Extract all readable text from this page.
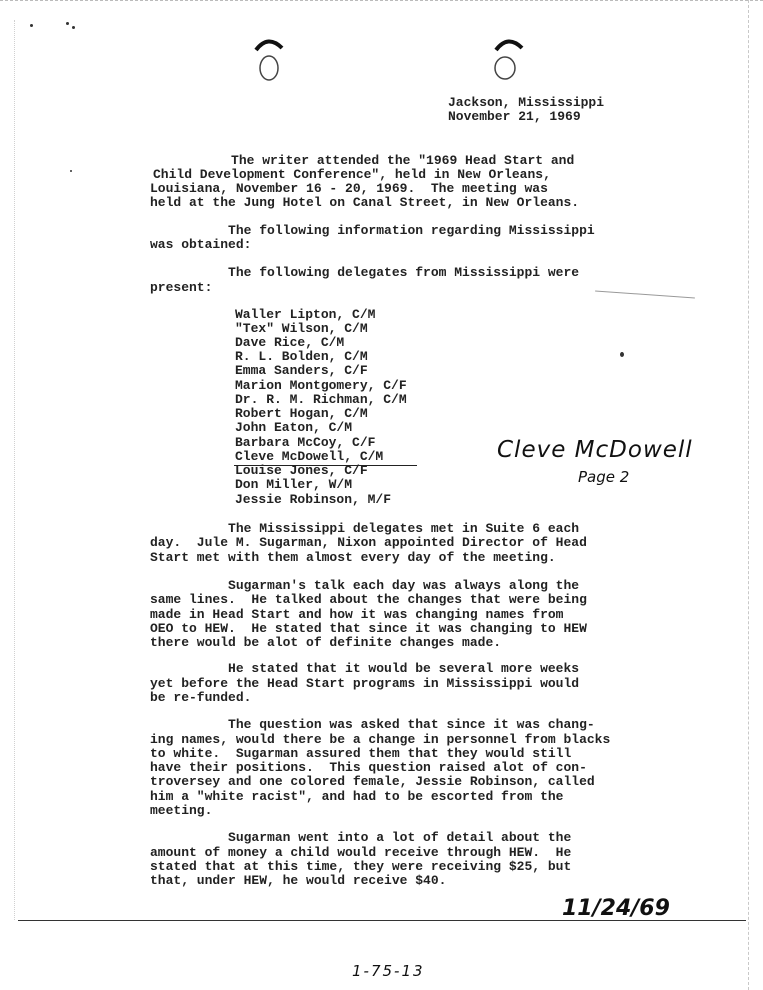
Jackson, Mississippi
November 21, 1969
The writer attended the "1969 Head Start and
Child Development Conference", held in New Orleans,
Louisiana, November 16 - 20, 1969.  The meeting was
held at the Jung Hotel on Canal Street, in New Orleans.
The following information regarding Mississippi
was obtained:
The following delegates from Mississippi were
present:
Waller Lipton, C/M
"Tex" Wilson, C/M
Dave Rice, C/M
R. L. Bolden, C/M
Emma Sanders, C/F
Marion Montgomery, C/F
Dr. R. M. Richman, C/M
Robert Hogan, C/M
John Eaton, C/M
Barbara McCoy, C/F
Cleve McDowell, C/M
Louise Jones, C/F
Don Miller, W/M
Jessie Robinson, M/F
Cleve McDowell
Page 2
The Mississippi delegates met in Suite 6 each
day.  Jule M. Sugarman, Nixon appointed Director of Head
Start met with them almost every day of the meeting.
Sugarman's talk each day was always along the
same lines.  He talked about the changes that were being
made in Head Start and how it was changing names from
OEO to HEW.  He stated that since it was changing to HEW
there would be alot of definite changes made.
He stated that it would be several more weeks
yet before the Head Start programs in Mississippi would
be re-funded.
The question was asked that since it was chang-
ing names, would there be a change in personnel from blacks
to white.  Sugarman assured them that they would still
have their positions.  This question raised alot of con-
troversey and one colored female, Jessie Robinson, called
him a "white racist", and had to be escorted from the
meeting.
Sugarman went into a lot of detail about the
amount of money a child would receive through HEW.  He
stated that at this time, they were receiving $25, but
that, under HEW, he would receive $40.
11/24/69
1-75-13
